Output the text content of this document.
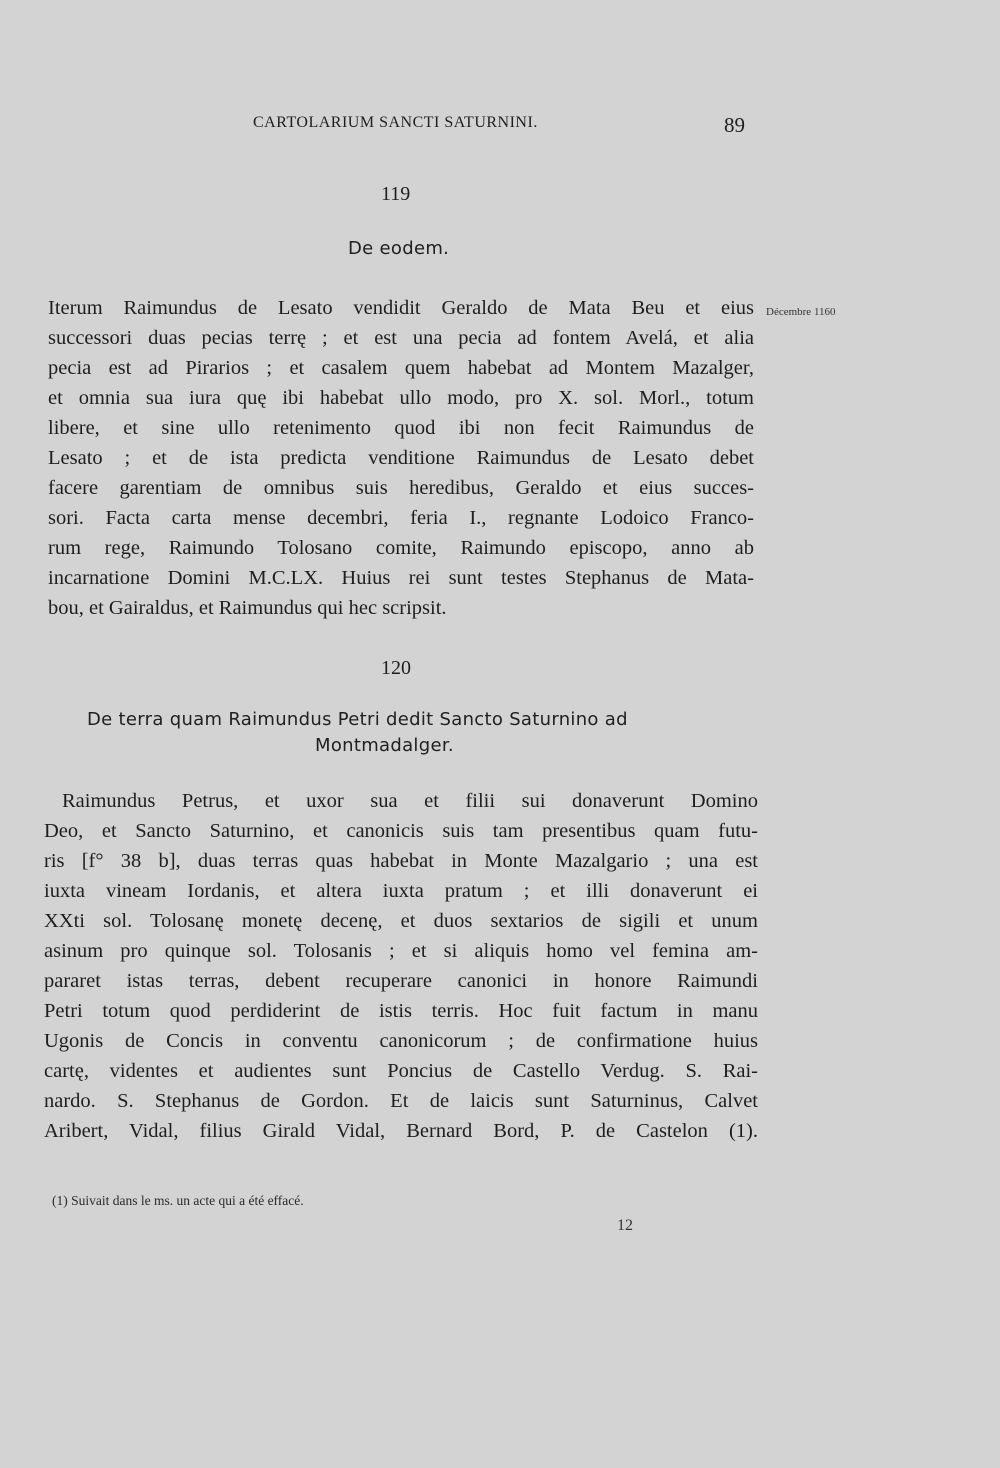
CARTOLARIUM SANCTI SATURNINI.	89
119
De eodem.
Iterum Raimundus de Lesato vendidit Geraldo de Mata Beu et eius
successori duas pecias terrę ; et est una pecia ad fontem Avelá, et alia
pecia est ad Pirarios ; et casalem quem habebat ad Montem Mazalger,
et omnia sua iura quę ibi habebat ullo modo, pro X. sol. Morl., totum
libere, et sine ullo retenimento quod ibi non fecit Raimundus de
Lesato ; et de ista predicta venditione Raimundus de Lesato debet
facere garentiam de omnibus suis heredibus, Geraldo et eius succes-
sori. Facta carta mense decembri, feria I., regnante Lodoico Franco-
rum rege, Raimundo Tolosano comite, Raimundo episcopo, anno ab
incarnatione Domini M.C.LX. Huius rei sunt testes Stephanus de Mata-
bou, et Gairaldus, et Raimundus qui hec scripsit.
Décembre 1160
120
De terra quam Raimundus Petri dedit Sancto Saturnino ad
Montmadalger.
Raimundus Petrus, et uxor sua et filii sui donaverunt Domino
Deo, et Sancto Saturnino, et canonicis suis tam presentibus quam futu-
ris [f° 38 b], duas terras quas habebat in Monte Mazalgario ; una est
iuxta vineam Iordanis, et altera iuxta pratum ; et illi donaverunt ei
XXti sol. Tolosanę monetę decenę, et duos sextarios de sigili et unum
asinum pro quinque sol. Tolosanis ; et si aliquis homo vel femina am-
pararet istas terras, debent recuperare canonici in honore Raimundi
Petri totum quod perdiderint de istis terris. Hoc fuit factum in manu
Ugonis de Concis in conventu canonicorum ; de confirmatione huius
cartę, videntes et audientes sunt Poncius de Castello Verdug. S. Rai-
nardo. S. Stephanus de Gordon. Et de laicis sunt Saturninus, Calvet
Aribert, Vidal, filius Girald Vidal, Bernard Bord, P. de Castelon (1).
(1) Suivait dans le ms. un acte qui a été effacé.
12
